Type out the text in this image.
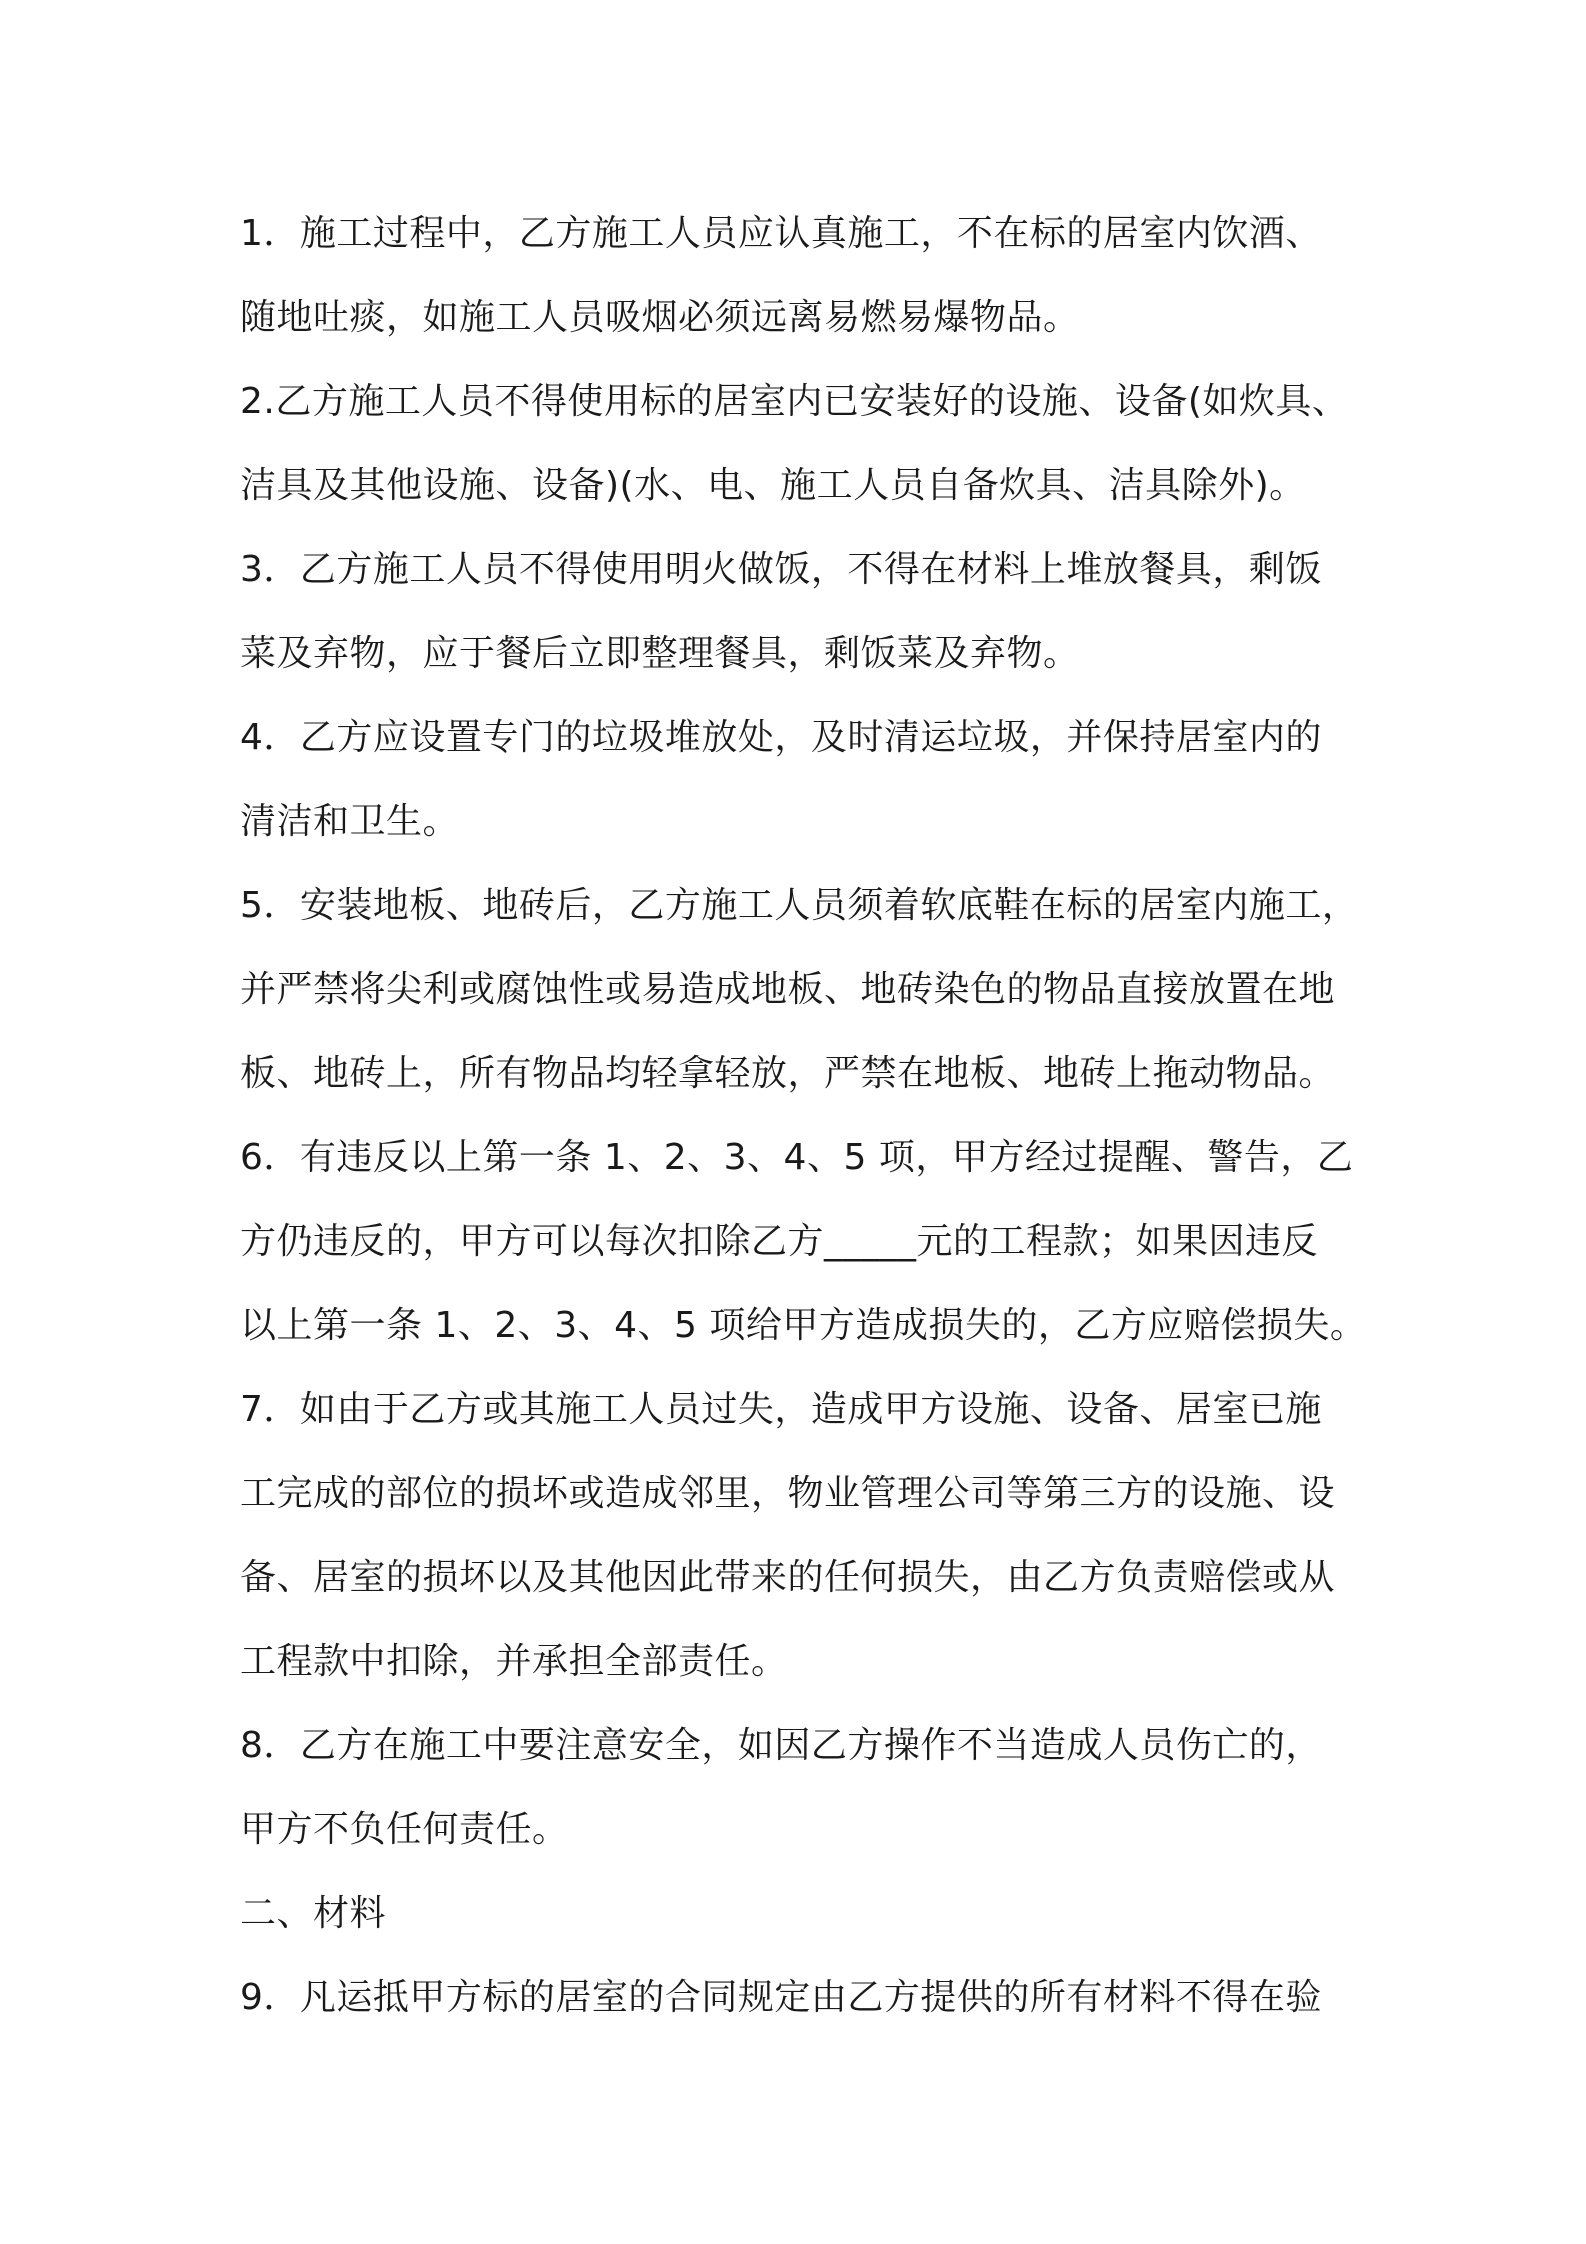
1．施工过程中，乙方施工人员应认真施工，不在标的居室内饮酒、
随地吐痰，如施工人员吸烟必须远离易燃易爆物品。
2.乙方施工人员不得使用标的居室内已安装好的设施、设备(如炊具、
洁具及其他设施、设备)(水、电、施工人员自备炊具、洁具除外)。
3．乙方施工人员不得使用明火做饭，不得在材料上堆放餐具，剩饭
菜及弃物，应于餐后立即整理餐具，剩饭菜及弃物。
4．乙方应设置专门的垃圾堆放处，及时清运垃圾，并保持居室内的
清洁和卫生。
5．安装地板、地砖后，乙方施工人员须着软底鞋在标的居室内施工，
并严禁将尖利或腐蚀性或易造成地板、地砖染色的物品直接放置在地
板、地砖上，所有物品均轻拿轻放，严禁在地板、地砖上拖动物品。
6．有违反以上第一条 1、2、3、4、5 项，甲方经过提醒、警告，乙
方仍违反的，甲方可以每次扣除乙方_____元的工程款；如果因违反
以上第一条 1、2、3、4、5 项给甲方造成损失的，乙方应赔偿损失。
7．如由于乙方或其施工人员过失，造成甲方设施、设备、居室已施
工完成的部位的损坏或造成邻里，物业管理公司等第三方的设施、设
备、居室的损坏以及其他因此带来的任何损失，由乙方负责赔偿或从
工程款中扣除，并承担全部责任。
8．乙方在施工中要注意安全，如因乙方操作不当造成人员伤亡的，
甲方不负任何责任。
二、材料
9．凡运抵甲方标的居室的合同规定由乙方提供的所有材料不得在验
